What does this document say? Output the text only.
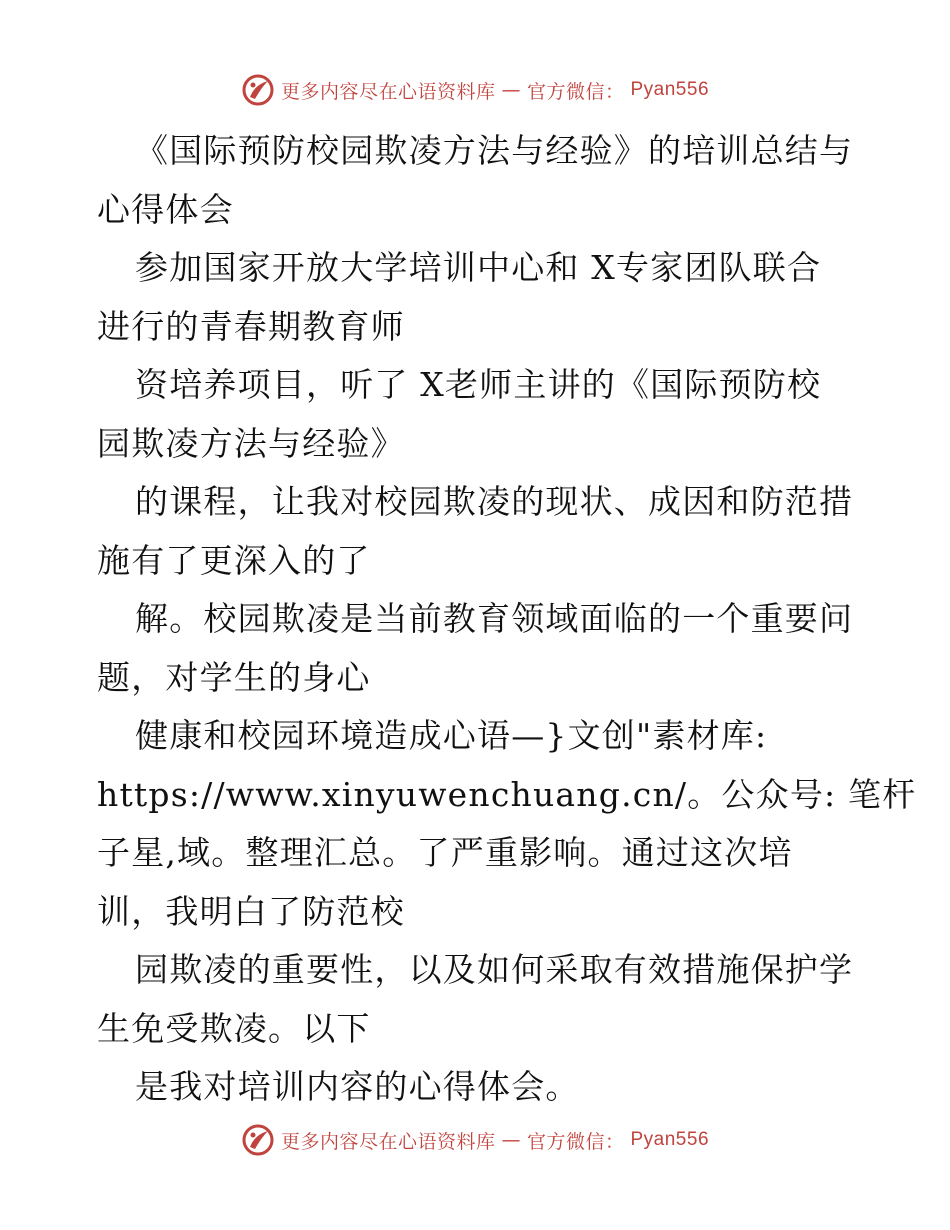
更多内容尽在心语资料库 — 官方微信： Pyan556
《国际预防校园欺凌方法与经验》的培训总结与
心得体会
参加国家开放大学培训中心和 X专家团队联合
进行的青春期教育师
资培养项目，听了 X老师主讲的《国际预防校
园欺凌方法与经验》
的课程，让我对校园欺凌的现状、成因和防范措
施有了更深入的了
解。校园欺凌是当前教育领域面临的一个重要问
题，对学生的身心
健康和校园环境造成心语—}文创"素材库:
https://www.xinyuwenchuang.cn/。公众号: 笔杆
子星,域。整理汇总。了严重影响。通过这次培
训，我明白了防范校
园欺凌的重要性，以及如何采取有效措施保护学
生免受欺凌。以下
是我对培训内容的心得体会。
更多内容尽在心语资料库 — 官方微信： Pyan556
